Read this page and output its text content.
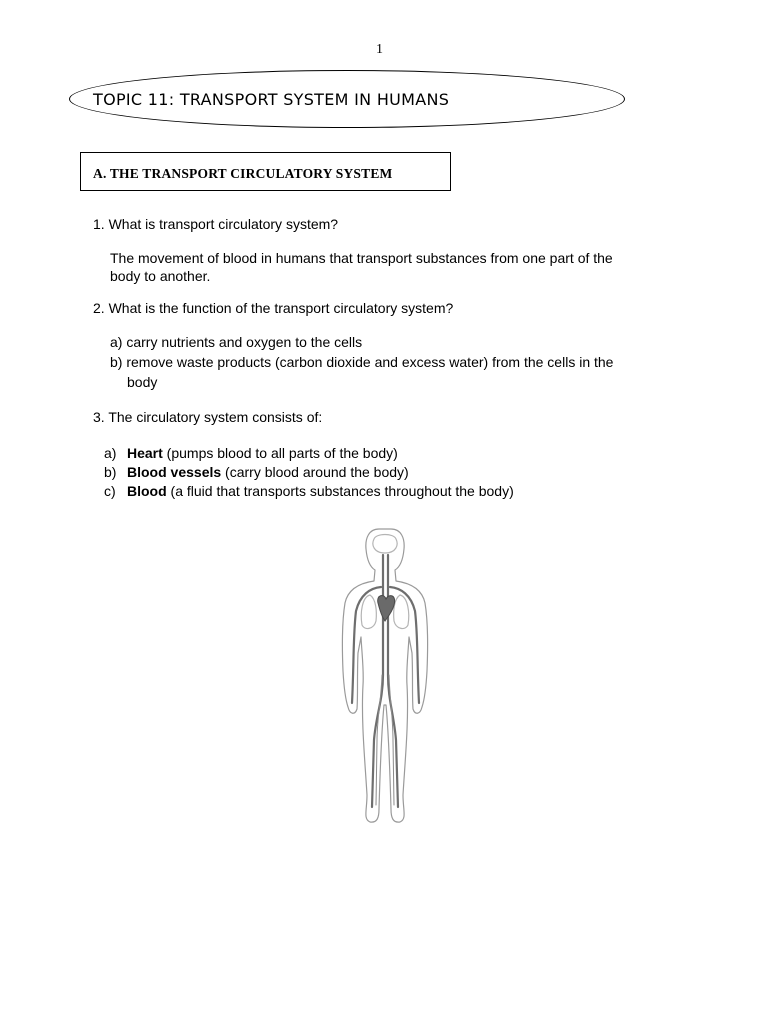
1
TOPIC 11: TRANSPORT SYSTEM IN HUMANS
A. THE TRANSPORT CIRCULATORY SYSTEM
1. What is transport circulatory system?
The movement of blood in humans that transport substances from one part of the
body to another.
2. What is the function of the transport circulatory system?
a) carry nutrients and oxygen to the cells
b) remove waste products (carbon dioxide and excess water) from the cells in the
body
3. The circulatory system consists of:
a) Heart (pumps blood to all parts of the body)
b) Blood vessels (carry blood around the body)
c) Blood (a fluid that transports substances throughout the body)
